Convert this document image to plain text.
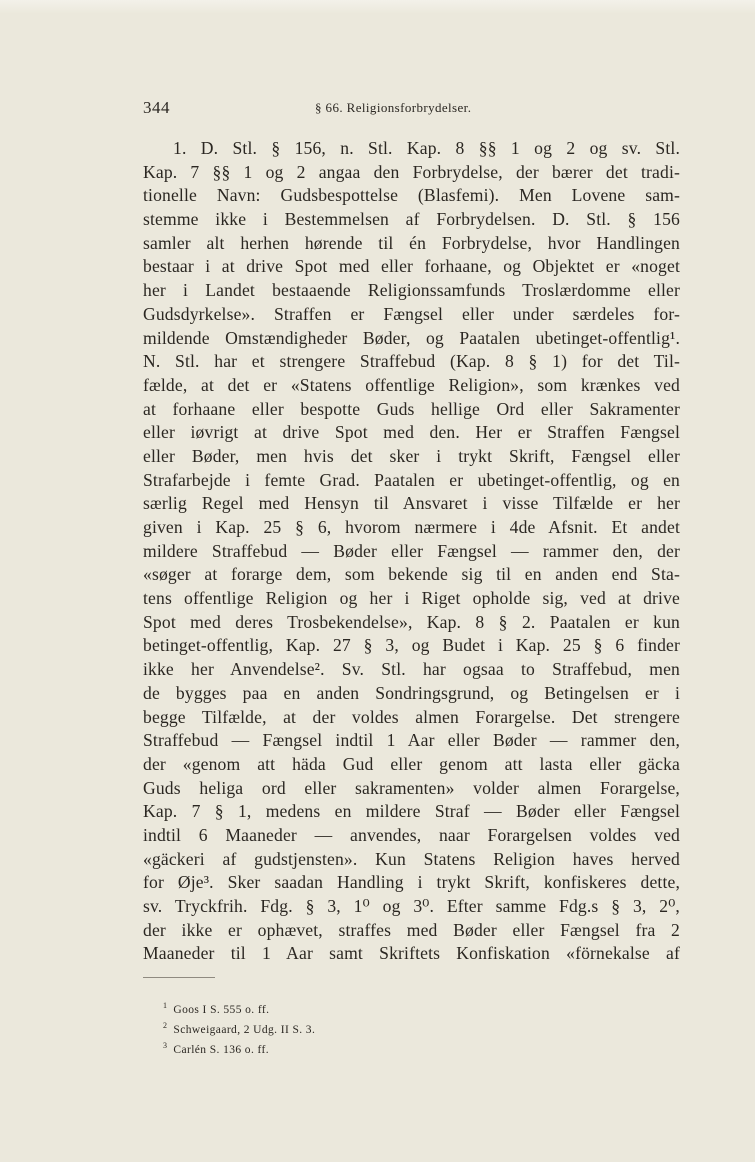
344	§ 66. Religionsforbrydelser.
1. D. Stl. § 156, n. Stl. Kap. 8 §§ 1 og 2 og sv. Stl.
Kap. 7 §§ 1 og 2 angaa den Forbrydelse, der bærer det tradi-
tionelle Navn: Gudsbespottelse (Blasfemi). Men Lovene sam-
stemme ikke i Bestemmelsen af Forbrydelsen. D. Stl. § 156
samler alt herhen hørende til én Forbrydelse, hvor Handlingen
bestaar i at drive Spot med eller forhaane, og Objektet er «noget
her i Landet bestaaende Religionssamfunds Troslærdomme eller
Gudsdyrkelse». Straffen er Fængsel eller under særdeles for-
mildende Omstændigheder Bøder, og Paatalen ubetinget-offentlig¹.
N. Stl. har et strengere Straffebud (Kap. 8 § 1) for det Til-
fælde, at det er «Statens offentlige Religion», som krænkes ved
at forhaane eller bespotte Guds hellige Ord eller Sakramenter
eller iøvrigt at drive Spot med den. Her er Straffen Fængsel
eller Bøder, men hvis det sker i trykt Skrift, Fængsel eller
Strafarbejde i femte Grad. Paatalen er ubetinget-offentlig, og en
særlig Regel med Hensyn til Ansvaret i visse Tilfælde er her
given i Kap. 25 § 6, hvorom nærmere i 4de Afsnit. Et andet
mildere Straffebud — Bøder eller Fængsel — rammer den, der
«søger at forarge dem, som bekende sig til en anden end Sta-
tens offentlige Religion og her i Riget opholde sig, ved at drive
Spot med deres Trosbekendelse», Kap. 8 § 2. Paatalen er kun
betinget-offentlig, Kap. 27 § 3, og Budet i Kap. 25 § 6 finder
ikke her Anvendelse². Sv. Stl. har ogsaa to Straffebud, men
de bygges paa en anden Sondringsgrund, og Betingelsen er i
begge Tilfælde, at der voldes almen Forargelse. Det strengere
Straffebud — Fængsel indtil 1 Aar eller Bøder — rammer den,
der «genom att häda Gud eller genom att lasta eller gäcka
Guds heliga ord eller sakramenten» volder almen Forargelse,
Kap. 7 § 1, medens en mildere Straf — Bøder eller Fængsel
indtil 6 Maaneder — anvendes, naar Forargelsen voldes ved
«gäckeri af gudstjensten». Kun Statens Religion haves herved
for Øje³. Sker saadan Handling i trykt Skrift, konfiskeres dette,
sv. Tryckfrih. Fdg. § 3, 1⁰ og 3⁰. Efter samme Fdg.s § 3, 2⁰,
der ikke er ophævet, straffes med Bøder eller Fængsel fra 2
Maaneder til 1 Aar samt Skriftets Konfiskation «förnekalse af
$^1$ Goos I S. 555 o. ff.
$^2$ Schweigaard, 2 Udg. II S. 3.
$^3$ Carlén S. 136 o. ff.
